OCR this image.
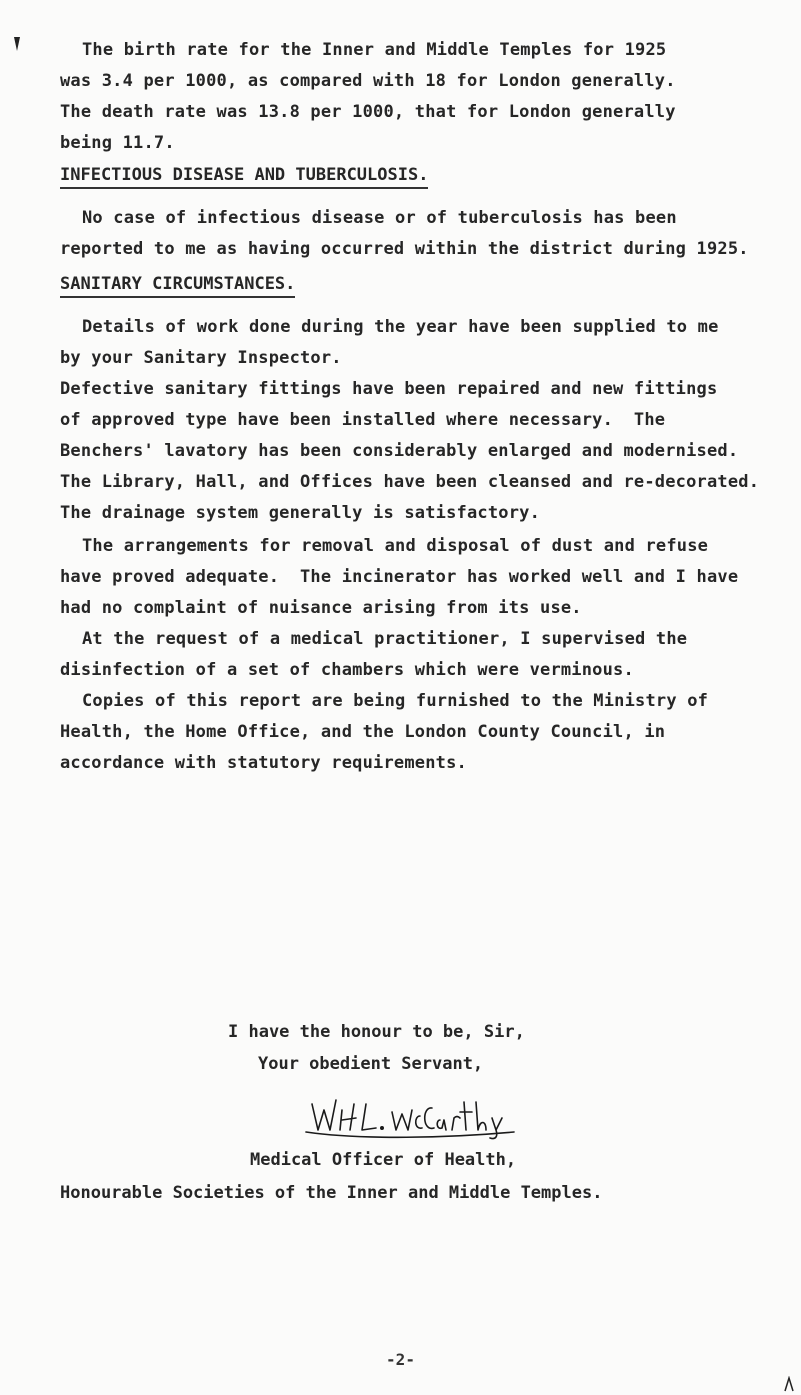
The birth rate for the Inner and Middle Temples for 1925
was 3.4 per 1000, as compared with 18 for London generally.
The death rate was 13.8 per 1000, that for London generally
being 11.7.
INFECTIOUS DISEASE AND TUBERCULOSIS.
No case of infectious disease or of tuberculosis has been
reported to me as having occurred within the district during 1925.
SANITARY CIRCUMSTANCES.
Details of work done during the year have been supplied to me
by your Sanitary Inspector.
Defective sanitary fittings have been repaired and new fittings
of approved type have been installed where necessary.  The
Benchers' lavatory has been considerably enlarged and modernised.
The Library, Hall, and Offices have been cleansed and re-decorated.
The drainage system generally is satisfactory.
The arrangements for removal and disposal of dust and refuse
have proved adequate.  The incinerator has worked well and I have
had no complaint of nuisance arising from its use.
At the request of a medical practitioner, I supervised the
disinfection of a set of chambers which were verminous.
Copies of this report are being furnished to the Ministry of
Health, the Home Office, and the London County Council, in
accordance with statutory requirements.
I have the honour to be, Sir,
Your obedient Servant,
Medical Officer of Health,
Honourable Societies of the Inner and Middle Temples.
-2-
